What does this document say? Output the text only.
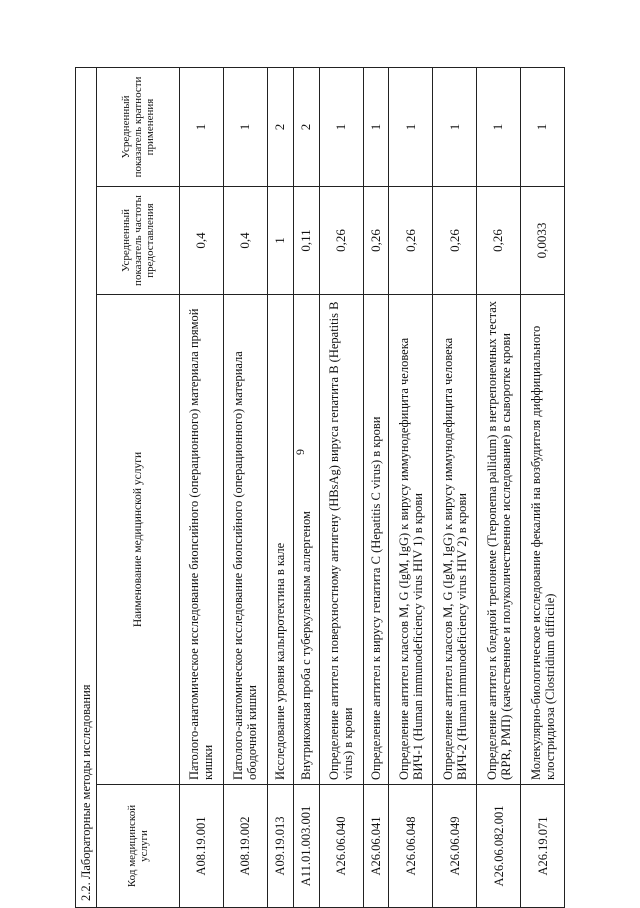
6
2.2. Лабораторные методы исследования			
Код медицинской услуги	Наименование медицинской услуги	Усредненный показатель частоты предоставления	Усредненный показатель кратности применения
A08.19.001	Патолого-анатомическое исследование биопсийного (операционного) материала прямой кишки	0,4	1
A08.19.002	Патолого-анатомическое исследование биопсийного (операционного) материала ободочной кишки	0,4	1
A09.19.013	Исследование уровня кальпротектина в кале	1	2
A11.01.003.001	Внутрикожная проба с туберкулезным аллергеном	0,11	2
A26.06.040	Определение антител к поверхностному антигену (HBsAg) вируса гепатита В (Hepatitis B virus) в крови	0,26	1
A26.06.041	Определение антител к вирусу гепатита С (Hepatitis C virus) в крови	0,26	1
A26.06.048	Определение антител классов M, G (IgM, IgG) к вирусу иммунодефицита человека ВИЧ-1 (Human immunodeficiency virus HIV 1) в крови	0,26	1
A26.06.049	Определение антител классов M, G (IgM, IgG) к вирусу иммунодефицита человека ВИЧ-2 (Human immunodeficiency virus HIV 2) в крови	0,26	1
A26.06.082.001	Определение антител к бледной трепонеме (Treponema pallidum) в нетрепонемных тестах (RPR, РМП) (качественное и полуколичественное исследование) в сыворотке крови	0,26	1
A26.19.071	Молекулярно-биологическое исследование фекалий на возбудителя диффициального клостридиоза (Clostridium difficile)	0,0033	1
